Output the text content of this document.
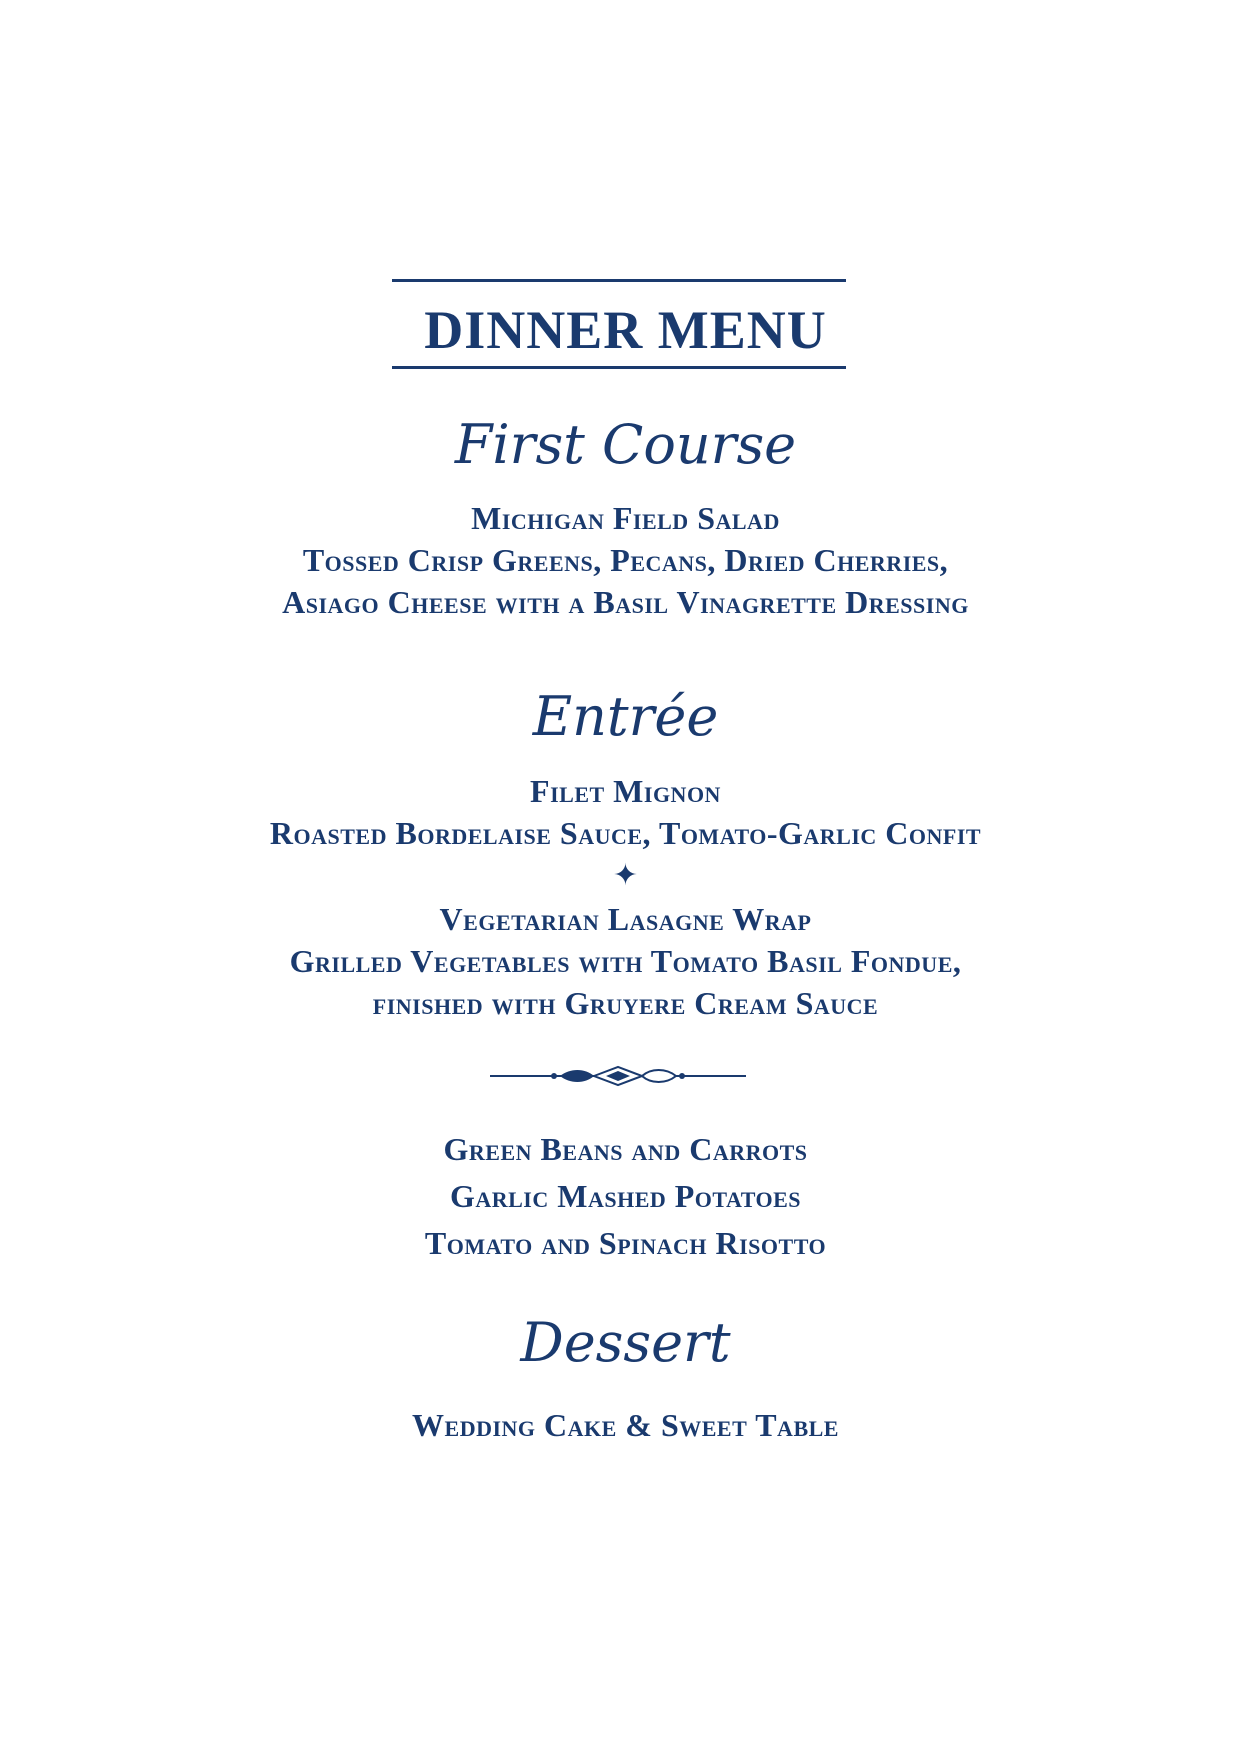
DINNER MENU
First Course
Michigan Field Salad
Tossed Crisp Greens, Pecans, Dried Cherries,
Asiago Cheese with a Basil Vinagrette Dressing
Entrée
Filet Mignon
Roasted Bordelaise Sauce, Tomato-Garlic Confit
✦
Vegetarian Lasagne Wrap
Grilled Vegetables with Tomato Basil Fondue,
finished with Gruyere Cream Sauce
Green Beans and Carrots
Garlic Mashed Potatoes
Tomato and Spinach Risotto
Dessert
Wedding Cake & Sweet Table
